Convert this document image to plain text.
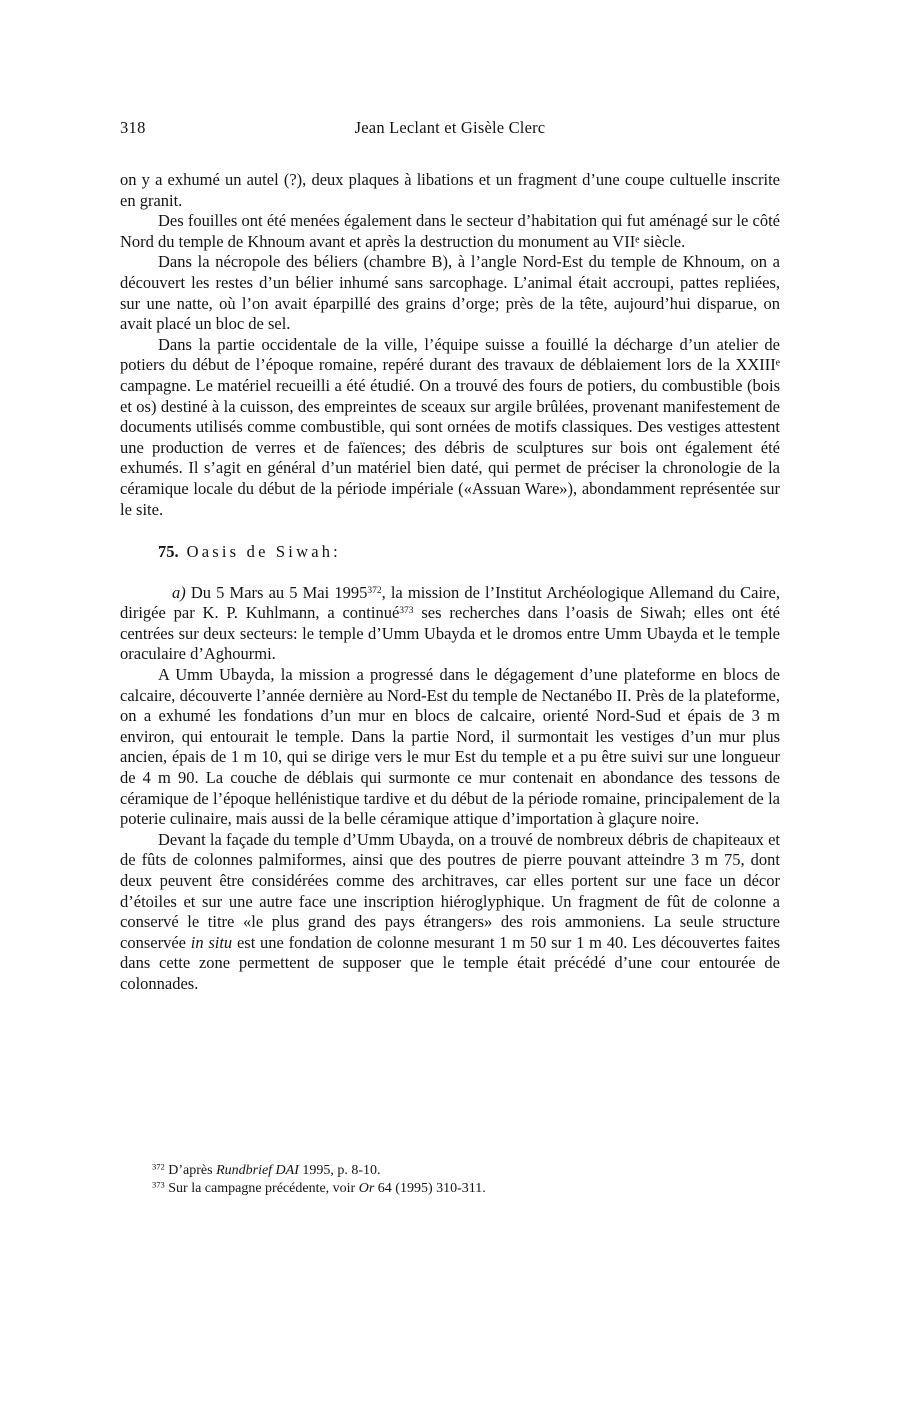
318	Jean Leclant et Gisèle Clerc

on y a exhumé un autel (?), deux plaques à libations et un fragment d’une coupe cultuelle inscrite en granit.

Des fouilles ont été menées également dans le secteur d’habitation qui fut aménagé sur le côté Nord du temple de Khnoum avant et après la destruction du monument au VIIᵉ siècle.

Dans la nécropole des béliers (chambre B), à l’angle Nord-Est du temple de Khnoum, on a découvert les restes d’un bélier inhumé sans sarcophage. L’animal était accroupi, pattes repliées, sur une natte, où l’on avait éparpillé des grains d’orge; près de la tête, aujourd’hui disparue, on avait placé un bloc de sel.

Dans la partie occidentale de la ville, l’équipe suisse a fouillé la décharge d’un atelier de potiers du début de l’époque romaine, repéré durant des travaux de déblaiement lors de la XXIIIᵉ campagne. Le matériel recueilli a été étudié. On a trouvé des fours de potiers, du combustible (bois et os) destiné à la cuisson, des empreintes de sceaux sur argile brûlées, provenant manifestement de documents utilisés comme combustible, qui sont ornées de motifs classiques. Des vestiges attestent une production de verres et de faïences; des débris de sculptures sur bois ont également été exhumés. Il s’agit en général d’un matériel bien daté, qui permet de préciser la chronologie de la céramique locale du début de la période impériale («Assuan Ware»), abondamment représentée sur le site.

75. Oasis de Siwah:

a) Du 5 Mars au 5 Mai 1995$^{372}$, la mission de l’Institut Archéologique Allemand du Caire, dirigée par K. P. Kuhlmann, a continué$^{373}$ ses recherches dans l’oasis de Siwah; elles ont été centrées sur deux secteurs: le temple d’Umm Ubayda et le dromos entre Umm Ubayda et le temple oraculaire d’Aghourmi.

A Umm Ubayda, la mission a progressé dans le dégagement d’une plateforme en blocs de calcaire, découverte l’année dernière au Nord-Est du temple de Nectanébo II. Près de la plateforme, on a exhumé les fondations d’un mur en blocs de calcaire, orienté Nord-Sud et épais de 3 m environ, qui entourait le temple. Dans la partie Nord, il surmontait les vestiges d’un mur plus ancien, épais de 1 m 10, qui se dirige vers le mur Est du temple et a pu être suivi sur une longueur de 4 m 90. La couche de déblais qui surmonte ce mur contenait en abondance des tessons de céramique de l’époque hellénistique tardive et du début de la période romaine, principalement de la poterie culinaire, mais aussi de la belle céramique attique d’importation à glaçure noire.

Devant la façade du temple d’Umm Ubayda, on a trouvé de nombreux débris de chapiteaux et de fûts de colonnes palmiformes, ainsi que des poutres de pierre pouvant atteindre 3 m 75, dont deux peuvent être considérées comme des architraves, car elles portent sur une face un décor d’étoiles et sur une autre face une inscription hiéroglyphique. Un fragment de fût de colonne a conservé le titre «le plus grand des pays étrangers» des rois ammoniens. La seule structure conservée in situ est une fondation de colonne mesurant 1 m 50 sur 1 m 40. Les découvertes faites dans cette zone permettent de supposer que le temple était précédé d’une cour entourée de colonnades.

$^{372}$ D’après Rundbrief DAI 1995, p. 8-10.
$^{373}$ Sur la campagne précédente, voir Or 64 (1995) 310-311.
